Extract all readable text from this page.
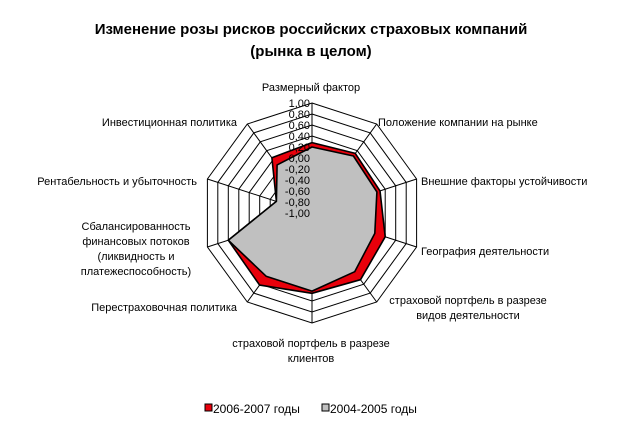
Изменение розы рисков российских страховых компаний
(рынка в целом)
1,00
0,80
0,60
0,40
0,20
0,00
-0,20
-0,40
-0,60
-0,80
-1,00
Размерный фактор
Положение компании на рынке
Внешние факторы устойчивости
География деятельности
страховой портфель в разрезе
видов деятельности
страховой портфель в разрезе
клиентов
Перестраховочная политика
Сбалансированность
финансовых потоков
(ликвидность и
платежеспособность)
Рентабельность и убыточность
Инвестиционная политика
2006-2007 годы	2004-2005 годы
